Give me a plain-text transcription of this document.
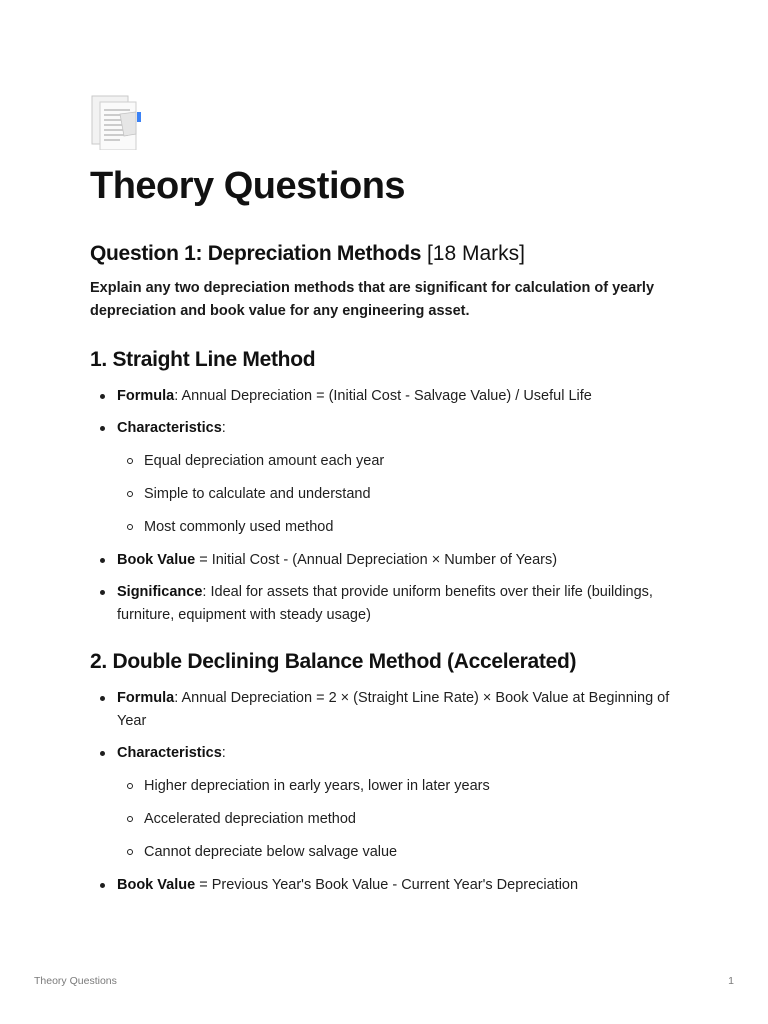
Theory Questions
Question 1: Depreciation Methods [18 Marks]

Explain any two depreciation methods that are significant for calculation of yearly depreciation and book value for any engineering asset.

1. Straight Line Method
Formula: Annual Depreciation = (Initial Cost - Salvage Value) / Useful Life
Characteristics:
Equal depreciation amount each year
Simple to calculate and understand
Most commonly used method
Book Value = Initial Cost - (Annual Depreciation × Number of Years)
Significance: Ideal for assets that provide uniform benefits over their life (buildings, furniture, equipment with steady usage)
2. Double Declining Balance Method (Accelerated)
Formula: Annual Depreciation = 2 × (Straight Line Rate) × Book Value at Beginning of Year
Characteristics:
Higher depreciation in early years, lower in later years
Accelerated depreciation method
Cannot depreciate below salvage value
Book Value = Previous Year's Book Value - Current Year's Depreciation
Theory Questions	1
